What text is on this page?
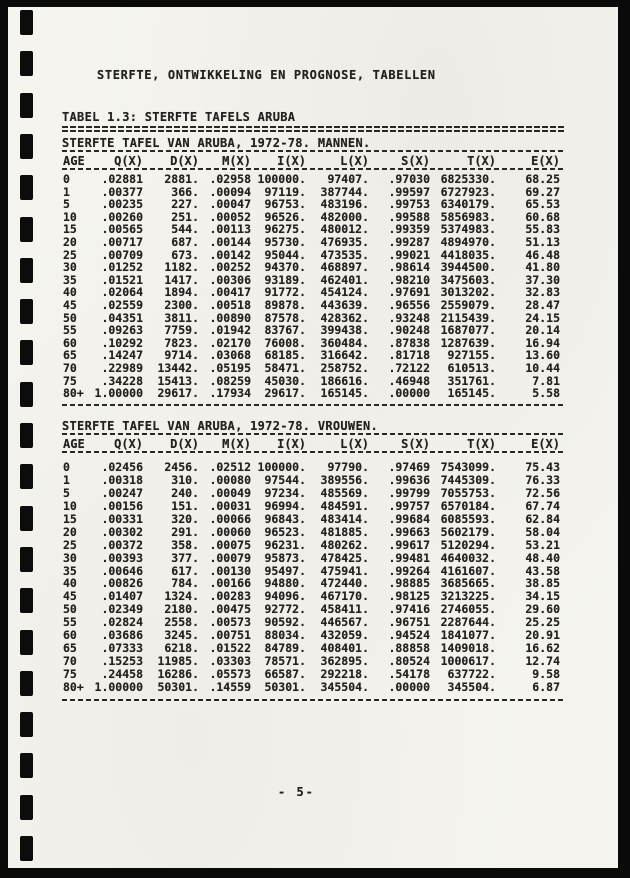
STERFTE, ONTWIKKELING EN PROGNOSE, TABELLEN
TABEL 1.3: STERFTE TAFELS ARUBA
STERFTE TAFEL VAN ARUBA, 1972-78. MANNEN.
AGE	Q(X)	D(X)	M(X)	I(X)	L(X)	S(X)	T(X)	E(X)
0	.02881	2881. .02958 100000.	97407.	.97030 6825330.	68.25
1	.00377	366. .00094	97119.	387744.	.99597 6727923.	69.27
5	.00235	227. .00047	96753.	483196.	.99753 6340179.	65.53
10	.00260	251. .00052	96526.	482000.	.99588 5856983.	60.68
15	.00565	544. .00113	96275.	480012.	.99359 5374983.	55.83
20	.00717	687. .00144	95730.	476935.	.99287 4894970.	51.13
25	.00709	673. .00142	95044.	473535.	.99021 4418035.	46.48
30	.01252	1182. .00252	94370.	468897.	.98614 3944500.	41.80
35	.01521	1417. .00306	93189.	462401.	.98210 3475603.	37.30
40	.02064	1894. .00417	91772.	454124.	.97691 3013202.	32.83
45	.02559	2300. .00518	89878.	443639.	.96556 2559079.	28.47
50	.04351	3811. .00890	87578.	428362.	.93248 2115439.	24.15
55	.09263	7759. .01942	83767.	399438.	.90248 1687077.	20.14
60	.10292	7823. .02170	76008.	360484.	.87838 1287639.	16.94
65	.14247	9714. .03068	68185.	316642.	.81718	927155.	13.60
70	.22989	13442. .05195	58471.	258752.	.72122	610513.	10.44
75	.34228	15413. .08259	45030.	186616.	.46948	351761.	7.81
80+ 1.00000	29617. .17934	29617.	165145.	.00000	165145.	5.58
STERFTE TAFEL VAN ARUBA, 1972-78. VROUWEN.
AGE	Q(X)	D(X)	M(X)	I(X)	L(X)	S(X)	T(X)	E(X)
0	.02456	2456. .02512 100000.	97790.	.97469 7543099.	75.43
1	.00318	310. .00080	97544.	389556.	.99636 7445309.	76.33
5	.00247	240. .00049	97234.	485569.	.99799 7055753.	72.56
10	.00156	151. .00031	96994.	484591.	.99757 6570184.	67.74
15	.00331	320. .00066	96843.	483414.	.99684 6085593.	62.84
20	.00302	291. .00060	96523.	481885.	.99663 5602179.	58.04
25	.00372	358. .00075	96231.	480262.	.99617 5120294.	53.21
30	.00393	377. .00079	95873.	478425.	.99481 4640032.	48.40
35	.00646	617. .00130	95497.	475941.	.99264 4161607.	43.58
40	.00826	784. .00166	94880.	472440.	.98885 3685665.	38.85
45	.01407	1324. .00283	94096.	467170.	.98125 3213225.	34.15
50	.02349	2180. .00475	92772.	458411.	.97416 2746055.	29.60
55	.02824	2558. .00573	90592.	446567.	.96751 2287644.	25.25
60	.03686	3245. .00751	88034.	432059.	.94524 1841077.	20.91
65	.07333	6218. .01522	84789.	408401.	.88858 1409018.	16.62
70	.15253	11985. .03303	78571.	362895.	.80524 1000617.	12.74
75	.24458	16286. .05573	66587.	292218.	.54178	637722.	9.58
80+ 1.00000	50301. .14559	50301.	345504.	.00000	345504.	6.87
- 5-
